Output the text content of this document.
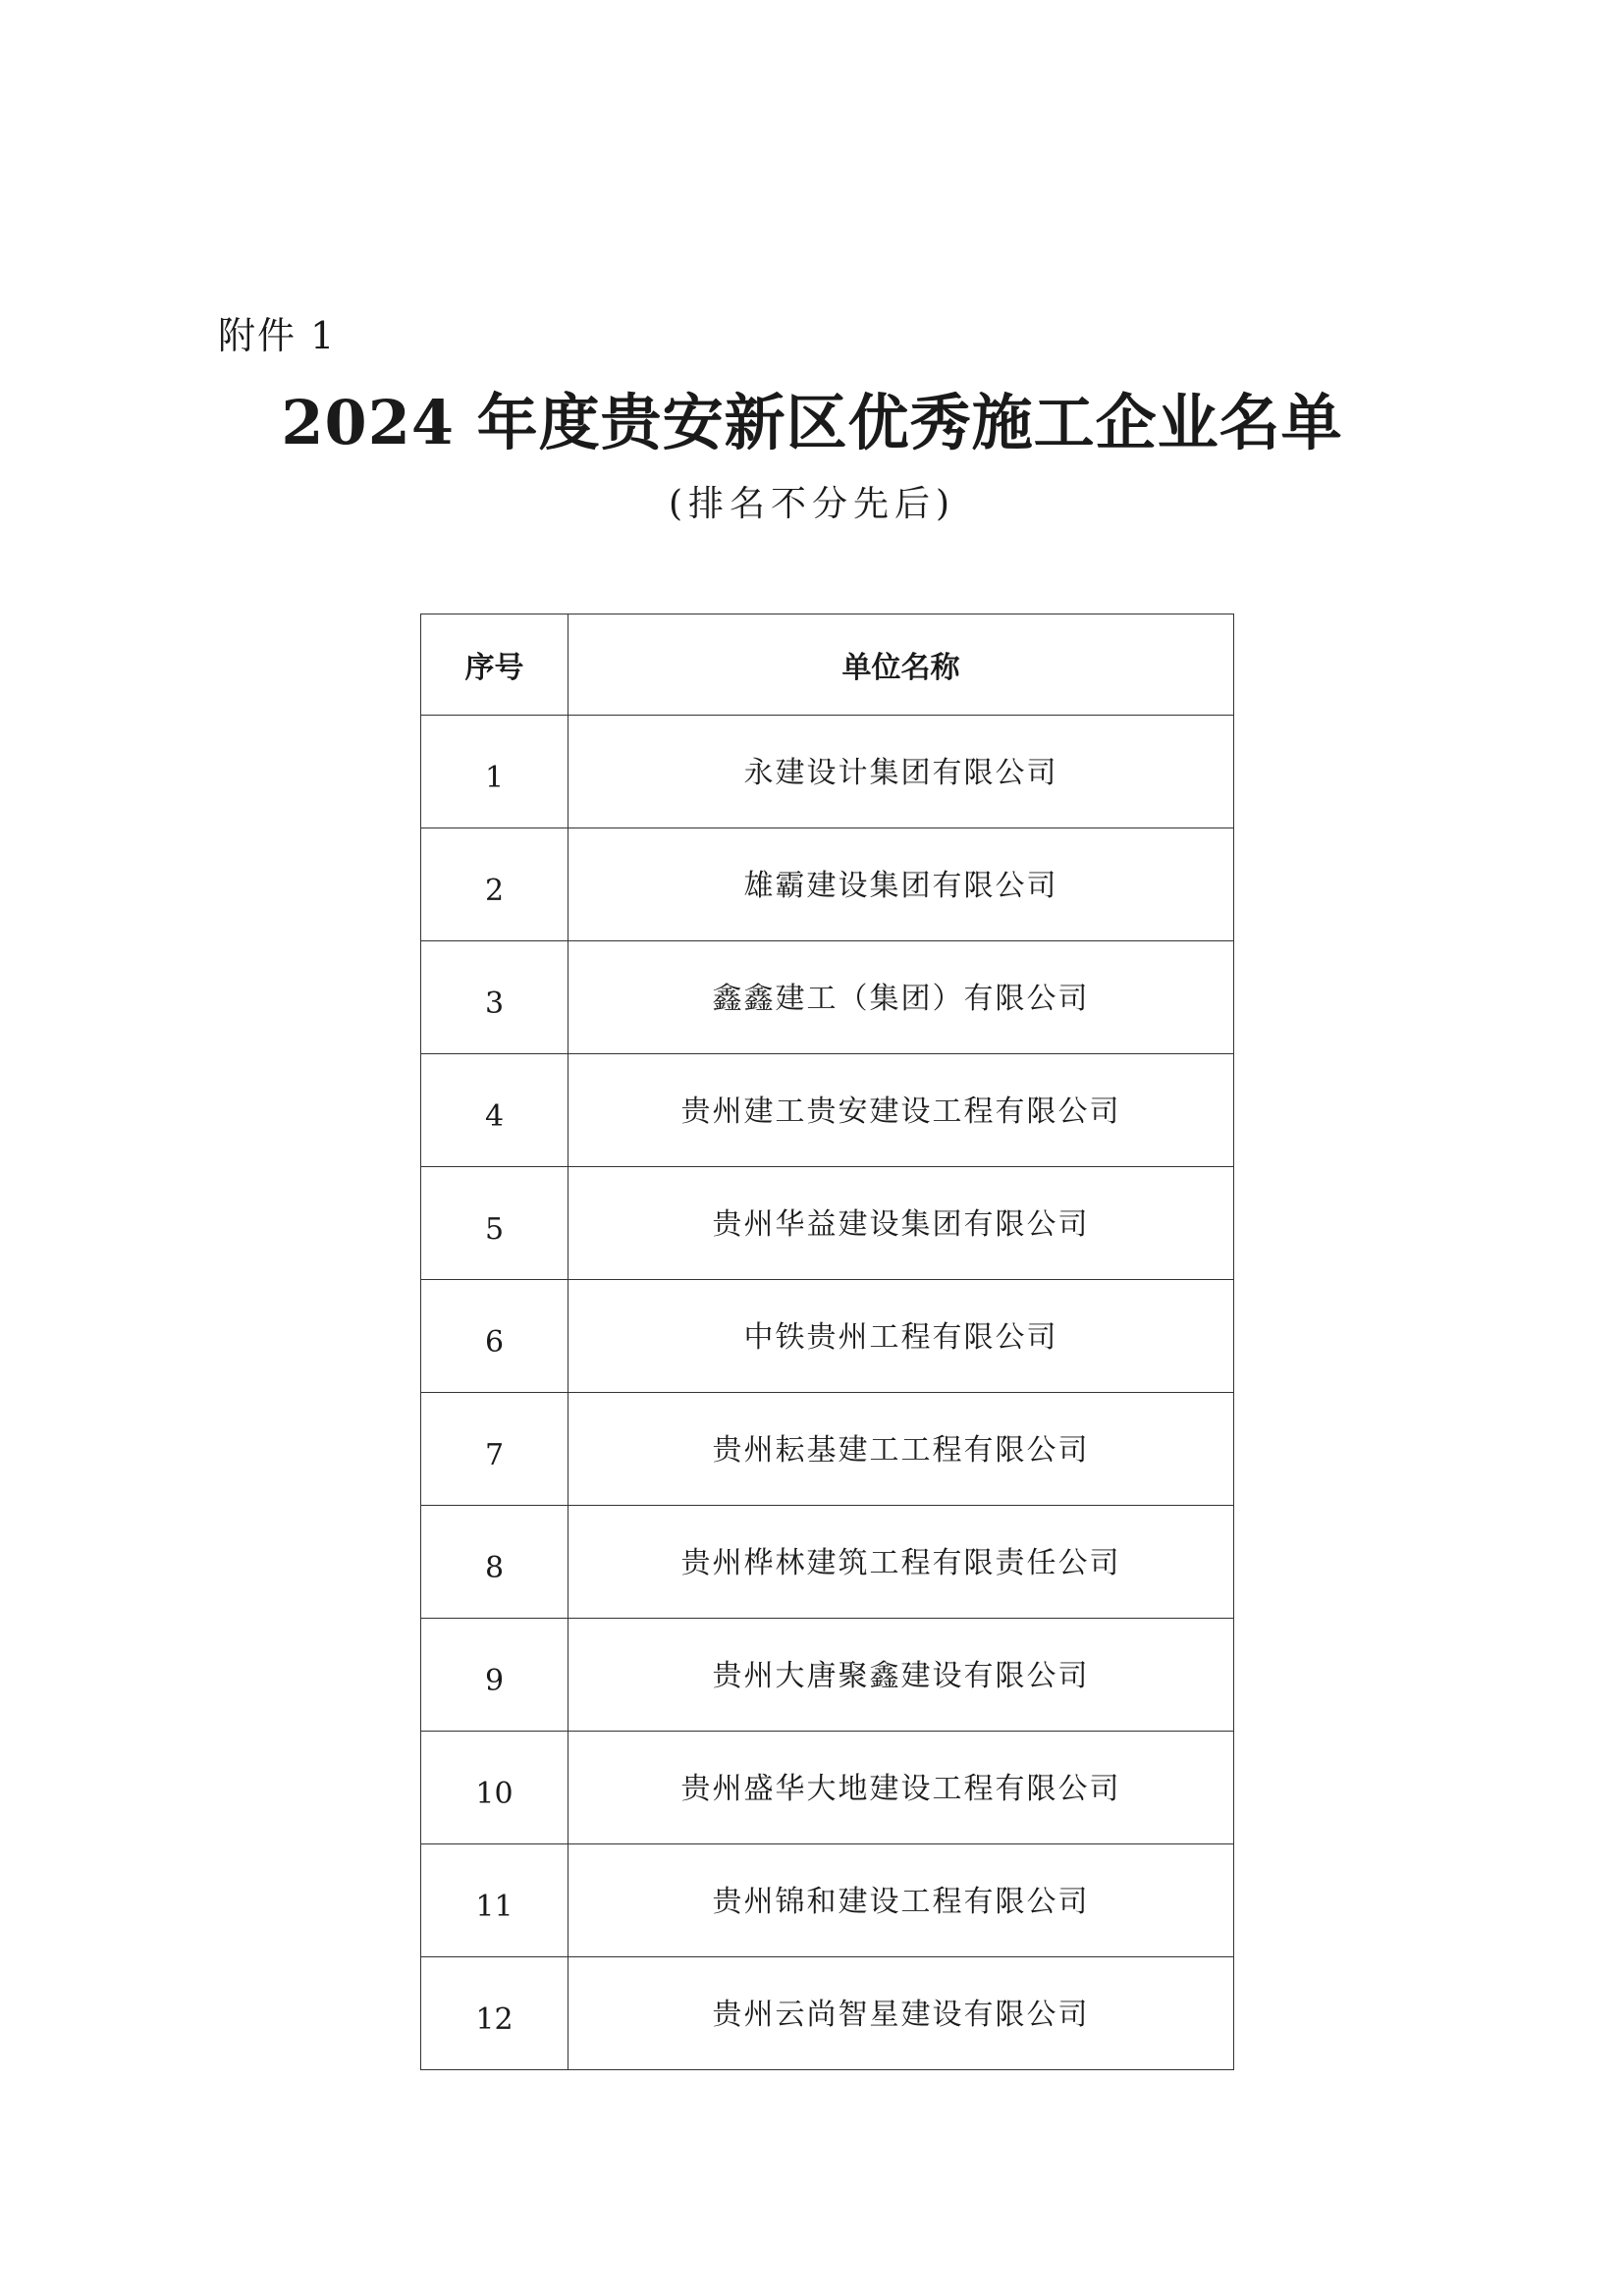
附件 1
2024 年度贵安新区优秀施工企业名单
(排名不分先后)
序号	单位名称
1	永建设计集团有限公司
2	雄霸建设集团有限公司
3	鑫鑫建工（集团）有限公司
4	贵州建工贵安建设工程有限公司
5	贵州华益建设集团有限公司
6	中铁贵州工程有限公司
7	贵州耘基建工工程有限公司
8	贵州桦林建筑工程有限责任公司
9	贵州大唐聚鑫建设有限公司
10	贵州盛华大地建设工程有限公司
11	贵州锦和建设工程有限公司
12	贵州云尚智星建设有限公司
